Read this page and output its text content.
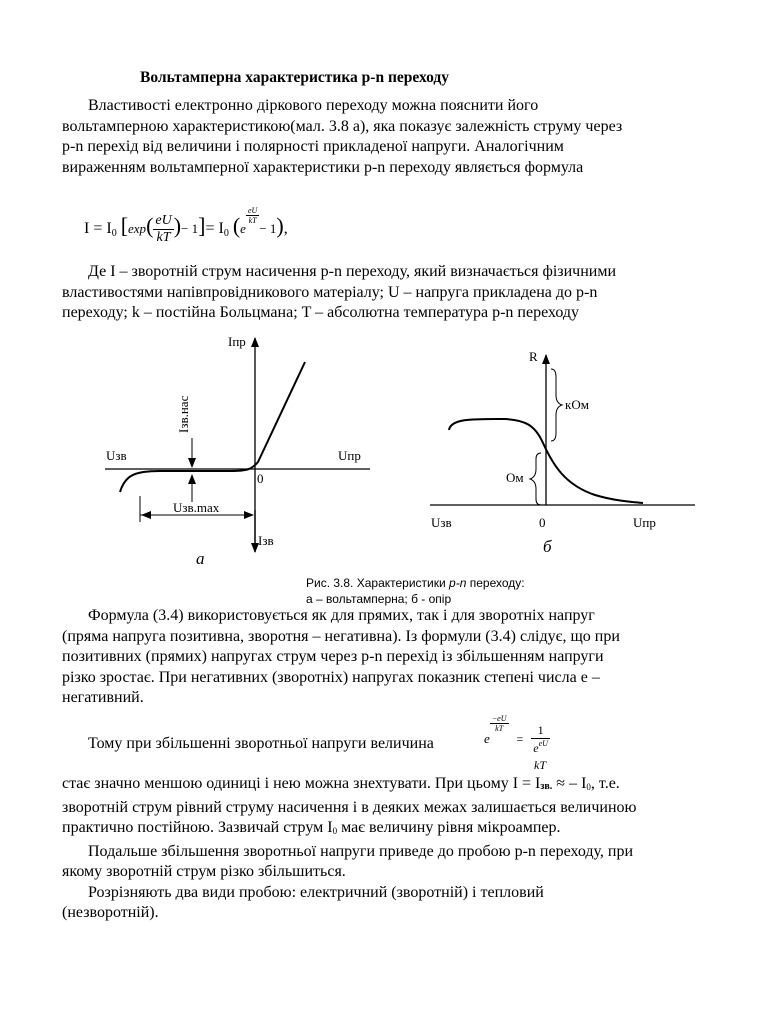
Вольтамперна характеристика p-n переходу
Властивості електронно діркового переходу можна пояснити його
вольтамперною характеристикою(мал. 3.8 а), яка показує залежність струму через
p-n перехід від величини і полярності прикладеної напруги. Аналогічним
вираженням вольтамперної характеристики p-n переходу являється формула
I = I0 [$\exp( \frac{eU}{kT}$ )− 1]= I0 (e
$\frac{eU}{kT}$
− 1),
Де I – зворотній струм насичення p-n переходу, який визначається фізичними
властивостями напівпровідникового матеріалу; U – напруга прикладена до p-n
переходу; k – постійна Больцмана; T – абсолютна температура p-n переходу
Іпр
Ізв
Uзв	Uпр
0
Ізв.нас
Uзв.max
а
R
кОм
Ом
Uзв	Uпр
0
б
Рис. 3.8. Характеристики p-n переходу:
а – вольтамперна; б - опір
Формула (3.4) використовується як для прямих, так і для зворотніх напруг
(пряма напруга позитивна, зворотня – негативна). Із формули (3.4) слідує, що при
позитивних (прямих) напругах струм через p-n перехід із збільшенням напруги
різко зростає. При негативних (зворотніх) напругах показник степені числа e –
негативний.
Тому при збільшенні зворотньої напруги величина	e
$\frac{-eU}{kT}$
= $\frac{1}{e^{eU}}$
kT
стає значно меншою одиниці і нею можна знехтувати. При цьому I = Iзв. ≈ – I0, т.е.
зворотній струм рівний струму насичення і в деяких межах залишається величиною
практично постійною. Зазвичай струм I0 має величину рівня мікроампер.
Подальше збільшення зворотньої напруги приведе до пробою p-n переходу, при
якому зворотній струм різко збільшиться.
Розрізняють два види пробою: електричний (зворотній) і тепловий
(незворотній).
